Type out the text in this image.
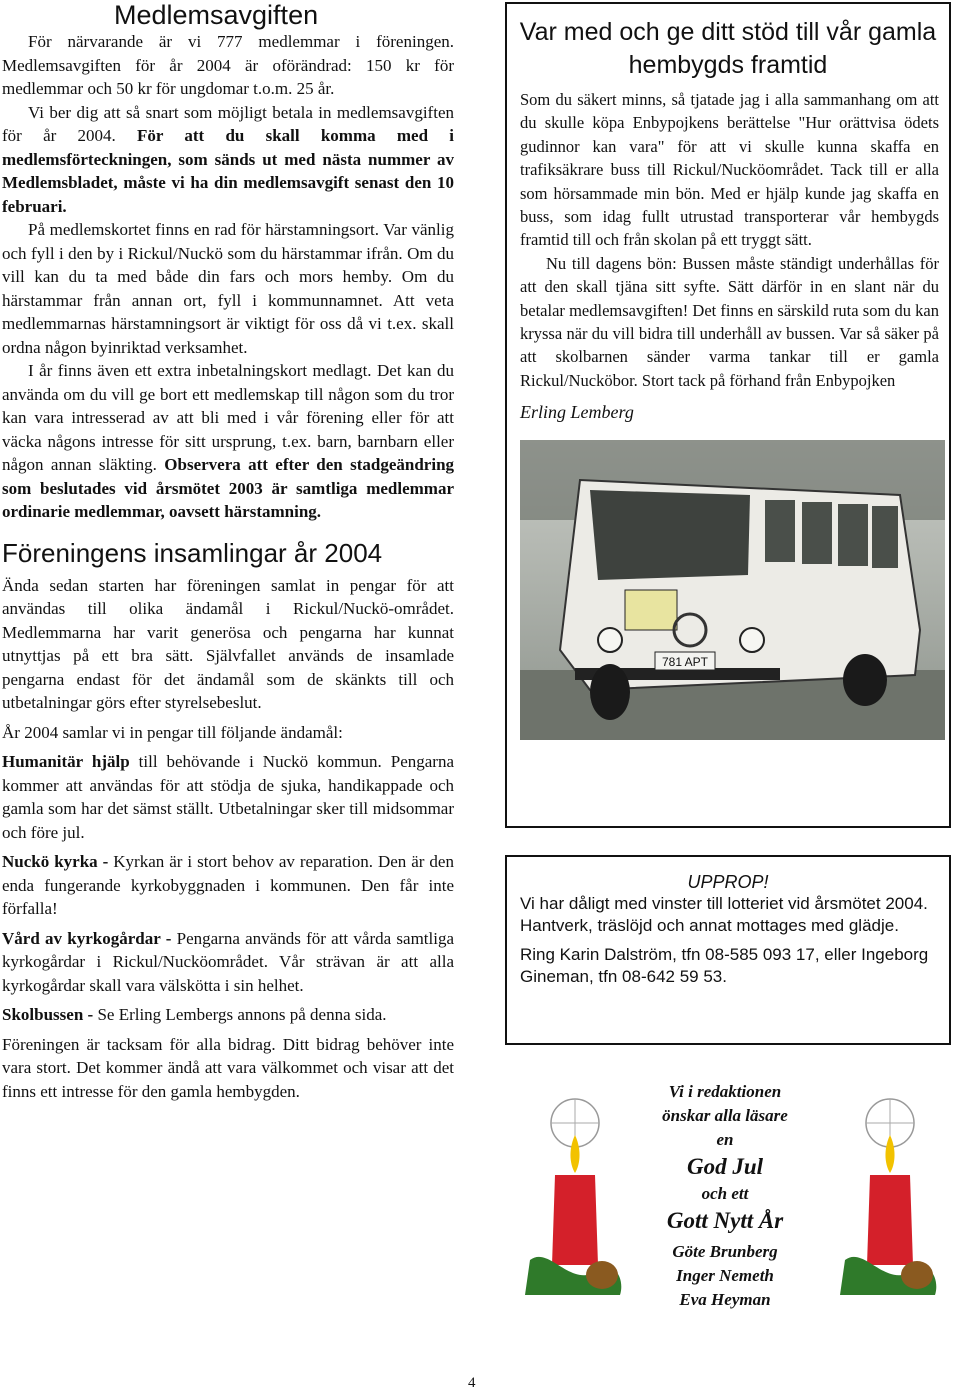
Medlemsavgiften

För närvarande är vi 777 medlemmar i föreningen. Medlemsavgiften för år 2004 är oförändrad: 150 kr för medlemmar och 50 kr för ungdomar t.o.m. 25 år.

Vi ber dig att så snart som möjligt betala in medlemsavgiften för år 2004. För att du skall komma med i medlemsförteckningen, som sänds ut med nästa nummer av Medlemsbladet, måste vi ha din medlemsavgift senast den 10 februari.

På medlemskortet finns en rad för härstamningsort. Var vänlig och fyll i den by i Rickul/Nuckö som du härstammar ifrån. Om du vill kan du ta med både din fars och mors hemby. Om du härstammar från annan ort, fyll i kommunnamnet. Att veta medlemmarnas härstamningsort är viktigt för oss då vi t.ex. skall ordna någon byinriktad verksamhet.

I år finns även ett extra inbetalningskort medlagt. Det kan du använda om du vill ge bort ett medlemskap till någon som du tror kan vara intresserad av att bli med i vår förening eller för att väcka någons intresse för sitt ursprung, t.ex. barn, barnbarn eller någon annan släkting. Observera att efter den stadgeändring som beslutades vid årsmötet 2003 är samtliga medlemmar ordinarie medlemmar, oavsett härstamning.

Föreningens insamlingar år 2004

Ända sedan starten har föreningen samlat in pengar för att användas till olika ändamål i Rickul/Nuckö-området. Medlemmarna har varit generösa och pengarna har kunnat utnyttjas på ett bra sätt. Självfallet används de insamlade pengarna endast för det ändamål som de skänkts till och utbetalningar görs efter styrelsebeslut.

År 2004 samlar vi in pengar till följande ändamål:

Humanitär hjälp till behövande i Nuckö kommun. Pengarna kommer att användas för att stödja de sjuka, handikappade och gamla som har det sämst ställt. Utbetalningar sker till midsommar och före jul.

Nuckö kyrka - Kyrkan är i stort behov av reparation. Den är den enda fungerande kyrkobyggnaden i kommunen. Den får inte förfalla!

Vård av kyrkogårdar - Pengarna används för att vårda samtliga kyrkogårdar i Rickul/Nucköområdet. Vår strävan är att alla kyrkogårdar skall vara välskötta i sin helhet.

Skolbussen - Se Erling Lembergs annons på denna sida.

Föreningen är tacksam för alla bidrag. Ditt bidrag behöver inte vara stort. Det kommer ändå att vara välkommet och visar att det finns ett intresse för den gamla hembygden.

Var med och ge ditt stöd till vår gamla hembygds framtid

Som du säkert minns, så tjatade jag i alla sammanhang om att du skulle köpa Enbypojkens berättelse "Hur orättvisa ödets gudinnor kan vara" för att vi skulle kunna skaffa en trafiksäkrare buss till Rickul/Nucköområdet. Tack till er alla som hörsammade min bön. Med er hjälp kunde jag skaffa en buss, som idag fullt utrustad transporterar vår hembygds framtid till och från skolan på ett tryggt sätt.

Nu till dagens bön: Bussen måste ständigt underhållas för att den skall tjäna sitt syfte. Sätt därför in en slant när du betalar medlemsavgiften! Det finns en särskild ruta som du kan kryssa när du vill bidra till underhåll av bussen. Var så säker på att skolbarnen sänder varma tankar till er gamla Rickul/Nucköbor. Stort tack på förhand från Enbypojken

Erling Lemberg
781 APT
UPPROP!

Vi har dåligt med vinster till lotteriet vid årsmötet 2004. Hantverk, träslöjd och annat mottages med glädje.

Ring Karin Dalström, tfn 08-585 093 17, eller Ingeborg Gineman, tfn 08-642 59 53.

Vi i redaktionen
önskar alla läsare
en
God Jul
och ett
Gott Nytt År
Göte Brunberg
Inger Nemeth
Eva Heyman
4
